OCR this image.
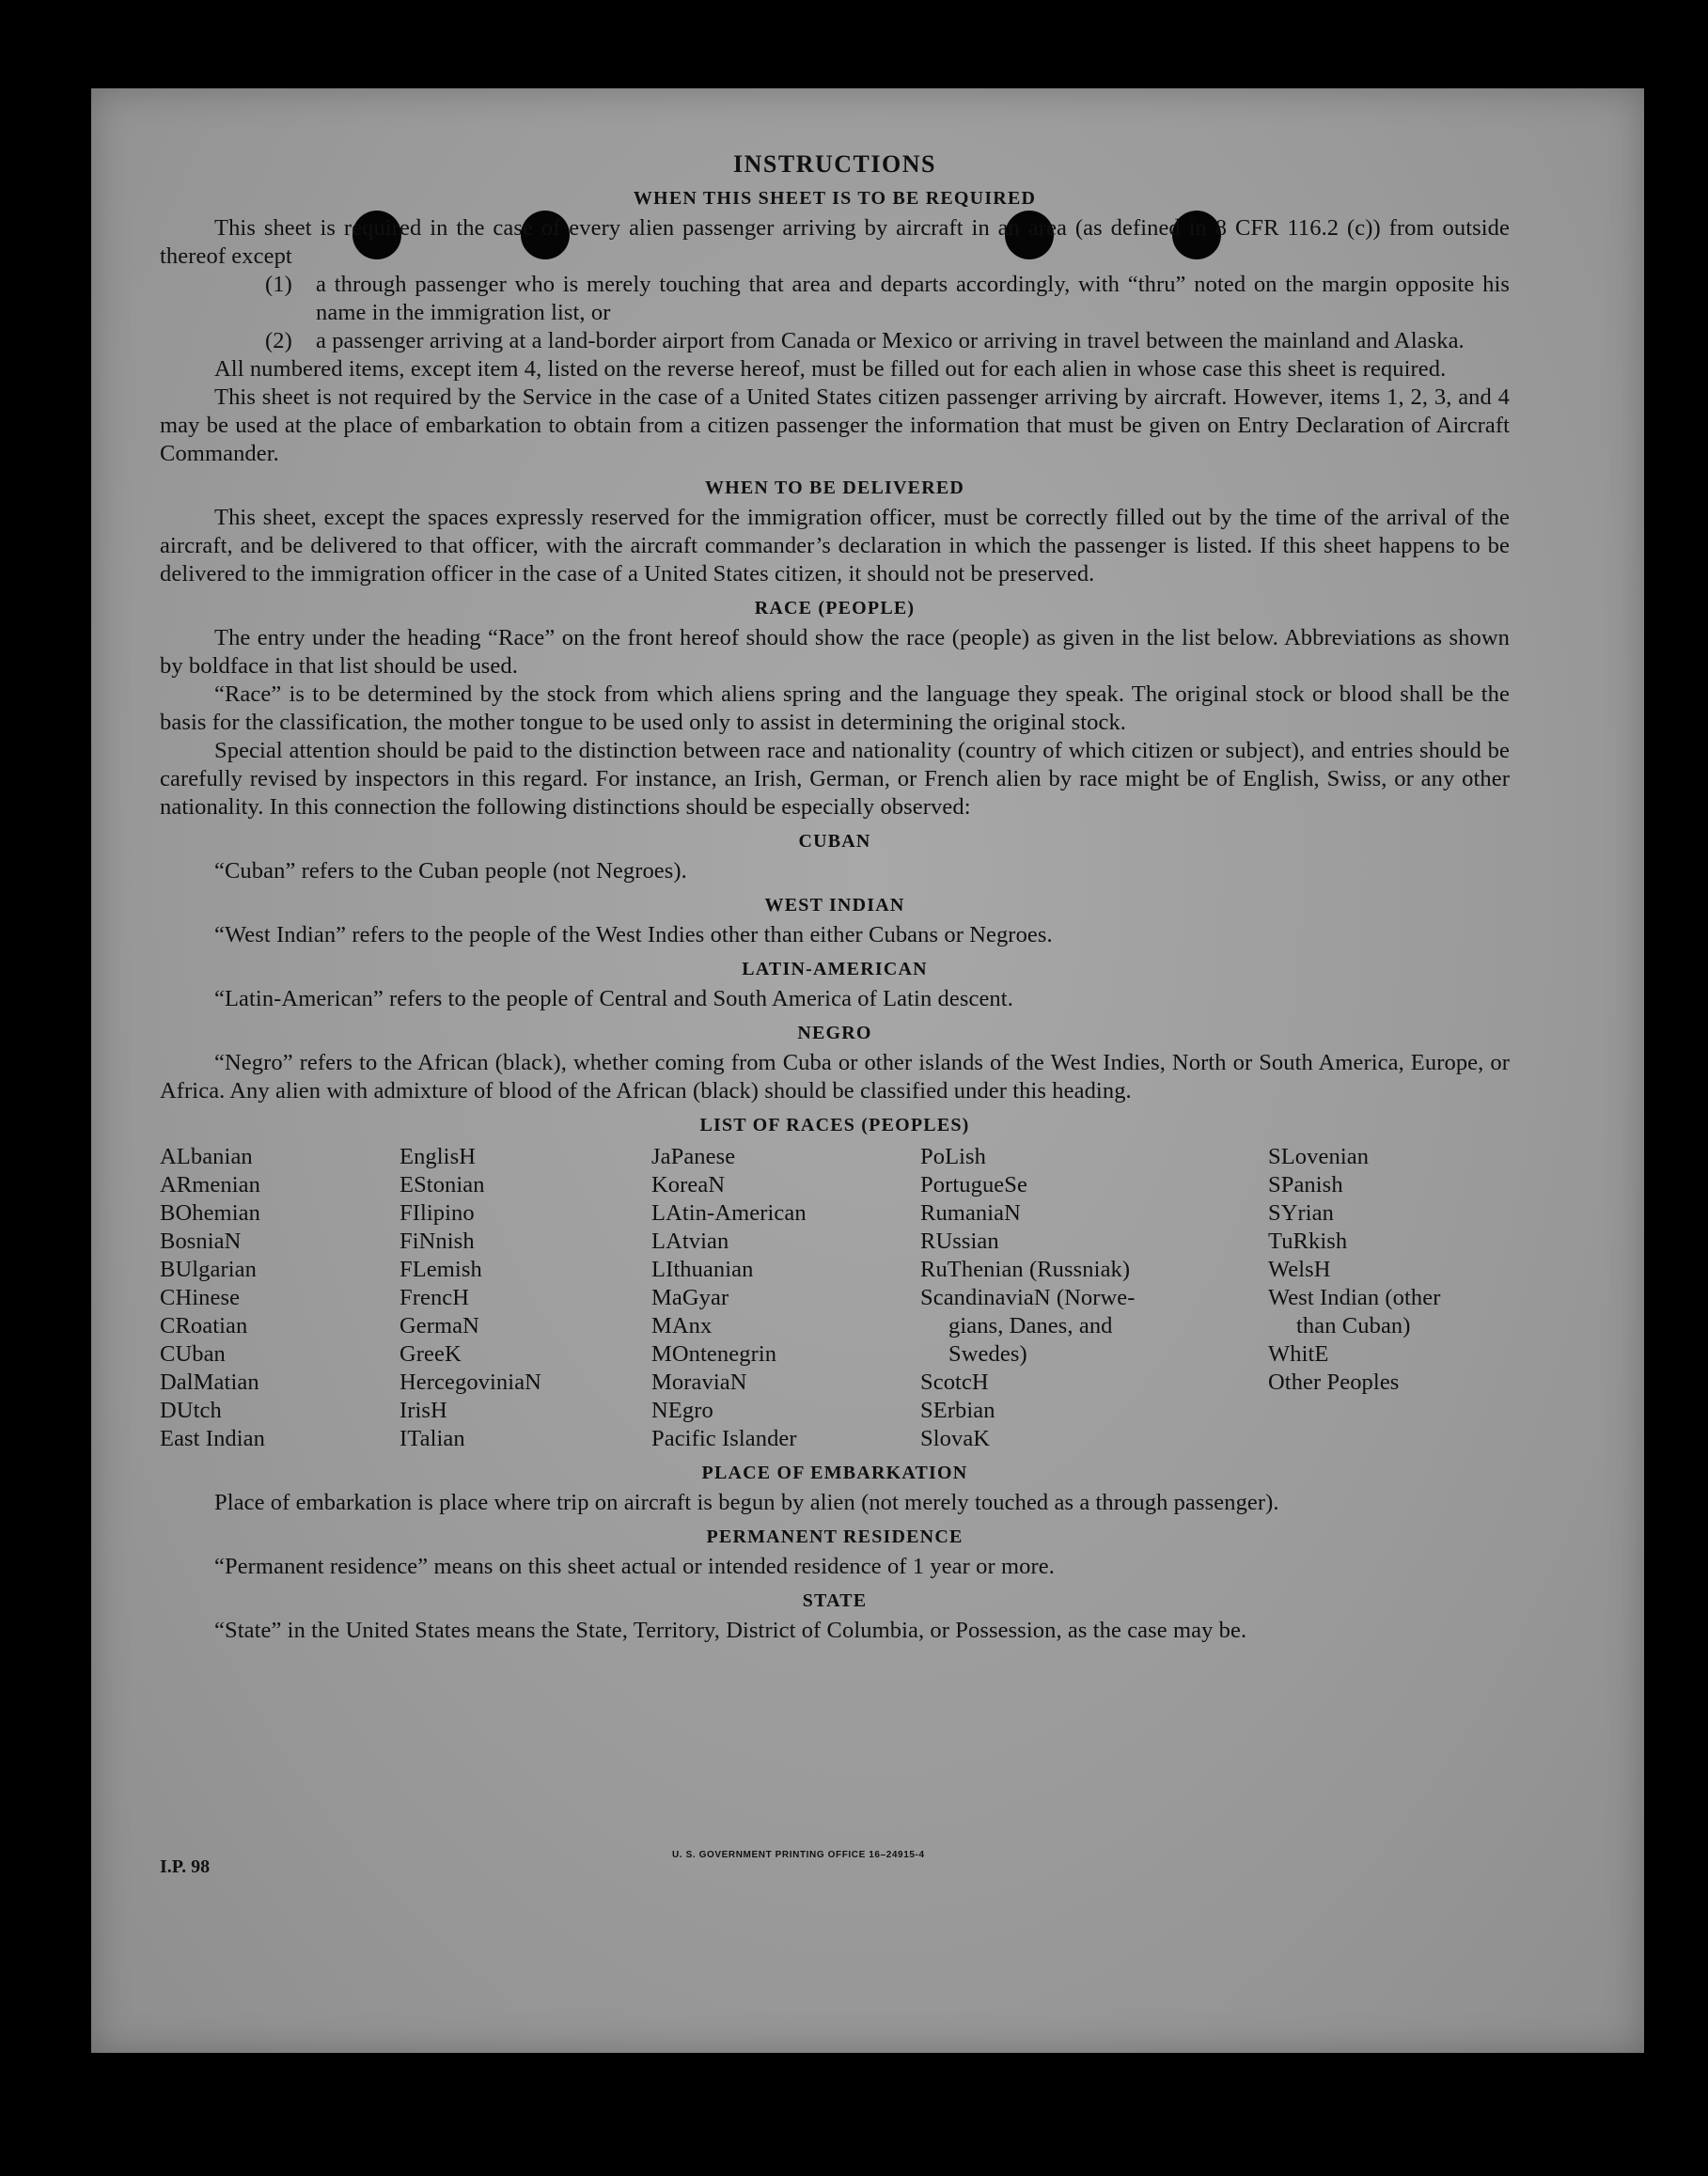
INSTRUCTIONS
WHEN THIS SHEET IS TO BE REQUIRED

This sheet is required in the case of every alien passenger arriving by aircraft in an area (as defined in 8 CFR 116.2 (c)) from outside thereof except

(1)	a through passenger who is merely touching that area and departs accordingly, with “thru” noted on the margin opposite his name in the immigration list, or
(2)	a passenger arriving at a land-border airport from Canada or Mexico or arriving in travel between the mainland and Alaska.

All numbered items, except item 4, listed on the reverse hereof, must be filled out for each alien in whose case this sheet is required.

This sheet is not required by the Service in the case of a United States citizen passenger arriving by aircraft. However, items 1, 2, 3, and 4 may be used at the place of embarkation to obtain from a citizen passenger the information that must be given on Entry Declaration of Aircraft Commander.

WHEN TO BE DELIVERED

This sheet, except the spaces expressly reserved for the immigration officer, must be correctly filled out by the time of the arrival of the aircraft, and be delivered to that officer, with the aircraft commander’s declaration in which the passenger is listed. If this sheet happens to be delivered to the immigration officer in the case of a United States citizen, it should not be preserved.

RACE (PEOPLE)

The entry under the heading “Race” on the front hereof should show the race (people) as given in the list below. Abbreviations as shown by boldface in that list should be used.

“Race” is to be determined by the stock from which aliens spring and the language they speak. The original stock or blood shall be the basis for the classification, the mother tongue to be used only to assist in determining the original stock.

Special attention should be paid to the distinction between race and nationality (country of which citizen or subject), and entries should be carefully revised by inspectors in this regard. For instance, an Irish, German, or French alien by race might be of English, Swiss, or any other nationality. In this connection the following distinctions should be especially observed:

CUBAN

“Cuban” refers to the Cuban people (not Negroes).

WEST INDIAN

“West Indian” refers to the people of the West Indies other than either Cubans or Negroes.

LATIN-AMERICAN

“Latin-American” refers to the people of Central and South America of Latin descent.

NEGRO

“Negro” refers to the African (black), whether coming from Cuba or other islands of the West Indies, North or South America, Europe, or Africa. Any alien with admixture of blood of the African (black) should be classified under this heading.

LIST OF RACES (PEOPLES)
ALbanian
ARmenian
BOhemian
BosniaN
BUlgarian
CHinese
CRoatian
CUban
DalMatian
DUtch
East Indian
EnglisH
EStonian
FIlipino
FiNnish
FLemish
FrencH
GermaN
GreeK
HercegoviniaN
IrisH
ITalian
JaPanese
KoreaN
LAtin-American
LAtvian
LIthuanian
MaGyar
MAnx
MOntenegrin
MoraviaN
NEgro
Pacific Islander
PoLish
PortugueSe
RumaniaN
RUssian
RuThenian (Russniak)
ScandinaviaN (Norwe-
gians, Danes, and
Swedes)
ScotcH
SErbian
SlovaK
SLovenian
SPanish
SYrian
TuRkish
WelsH
West Indian (other
than Cuban)
WhitE
Other Peoples
PLACE OF EMBARKATION

Place of embarkation is place where trip on aircraft is begun by alien (not merely touched as a through passenger).

PERMANENT RESIDENCE

“Permanent residence” means on this sheet actual or intended residence of 1 year or more.

STATE

“State” in the United States means the State, Territory, District of Columbia, or Possession, as the case may be.

I.P. 98
U. S. GOVERNMENT PRINTING OFFICE 16–24915-4
